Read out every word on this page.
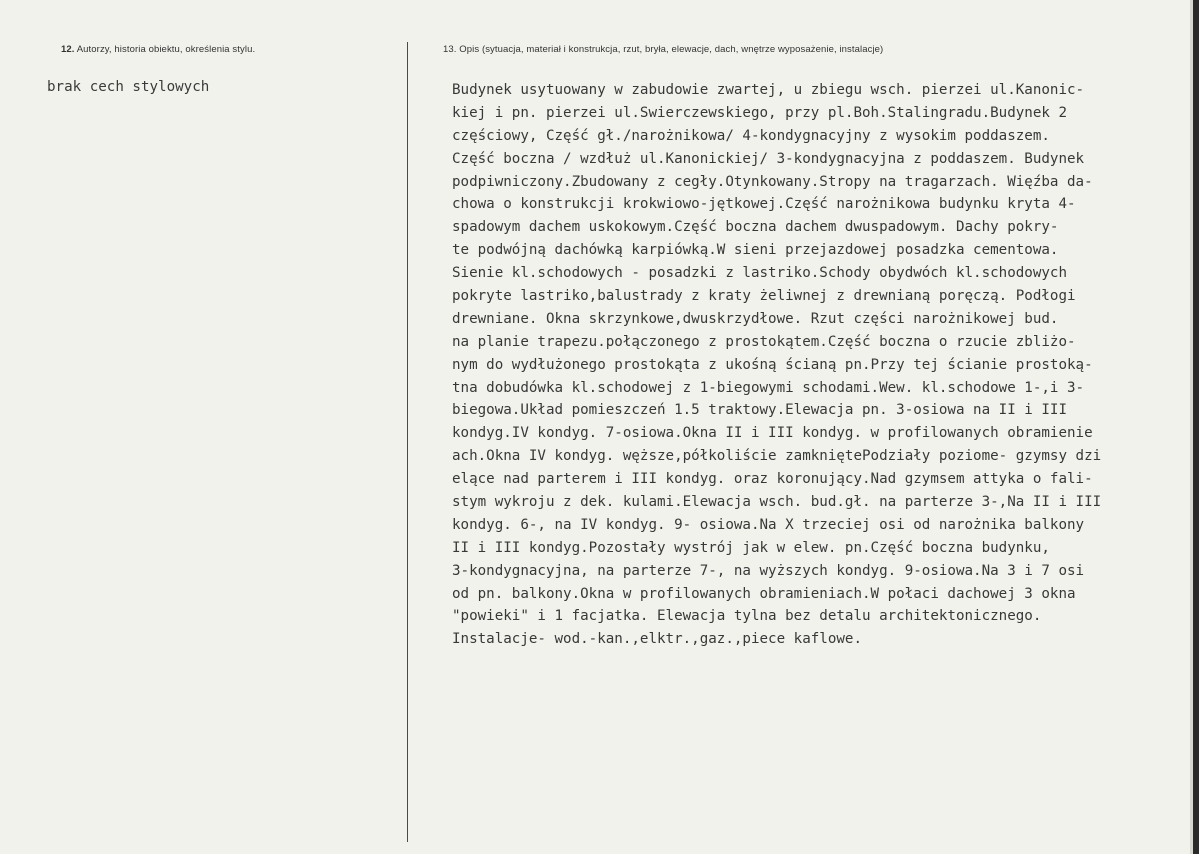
12. Autorzy, historia obiektu, określenia stylu.	13. Opis (sytuacja, materiał i konstrukcja, rzut, bryła, elewacje, dach, wnętrze wyposażenie, instalacje)
brak cech stylowych	Budynek usytuowany w zabudowie zwartej, u zbiegu wsch. pierzei ul.Kanonic-
kiej i pn. pierzei ul.Swierczewskiego, przy pl.Boh.Stalingradu.Budynek 2
częściowy, Część gł./narożnikowa/ 4-kondygnacyjny z wysokim poddaszem.
Część boczna / wzdłuż ul.Kanonickiej/ 3-kondygnacyjna z poddaszem. Budynek
podpiwniczony.Zbudowany z cegły.Otynkowany.Stropy na tragarzach. Więźba da-
chowa o konstrukcji krokwiowo-jętkowej.Część narożnikowa budynku kryta 4-
spadowym dachem uskokowym.Część boczna dachem dwuspadowym. Dachy pokry-
te podwójną dachówką karpiówką.W sieni przejazdowej posadzka cementowa.
Sienie kl.schodowych - posadzki z lastriko.Schody obydwóch kl.schodowych
pokryte lastriko,balustrady z kraty żeliwnej z drewnianą poręczą. Podłogi
drewniane. Okna skrzynkowe,dwuskrzydłowe. Rzut części narożnikowej bud.
na planie trapezu.połączonego z prostokątem.Część boczna o rzucie zbliżo-
nym do wydłużonego prostokąta z ukośną ścianą pn.Przy tej ścianie prostoką-
tna dobudówka kl.schodowej z 1-biegowymi schodami.Wew. kl.schodowe 1-,i 3-
biegowa.Układ pomieszczeń 1.5 traktowy.Elewacja pn. 3-osiowa na II i III
kondyg.IV kondyg. 7-osiowa.Okna II i III kondyg. w profilowanych obramienie
ach.Okna IV kondyg. węższe,półkoliście zamkniętePodziały poziome- gzymsy dzi
elące nad parterem i III kondyg. oraz koronujący.Nad gzymsem attyka o fali-
stym wykroju z dek. kulami.Elewacja wsch. bud.gł. na parterze 3-,Na II i III
kondyg. 6-, na IV kondyg. 9- osiowa.Na X trzeciej osi od narożnika balkony
II i III kondyg.Pozostały wystrój jak w elew. pn.Część boczna budynku,
3-kondygnacyjna, na parterze 7-, na wyższych kondyg. 9-osiowa.Na 3 i 7 osi
od pn. balkony.Okna w profilowanych obramieniach.W połaci dachowej 3 okna
"powieki" i 1 facjatka. Elewacja tylna bez detalu architektonicznego.
Instalacje- wod.-kan.,elktr.,gaz.,piece kaflowe.
